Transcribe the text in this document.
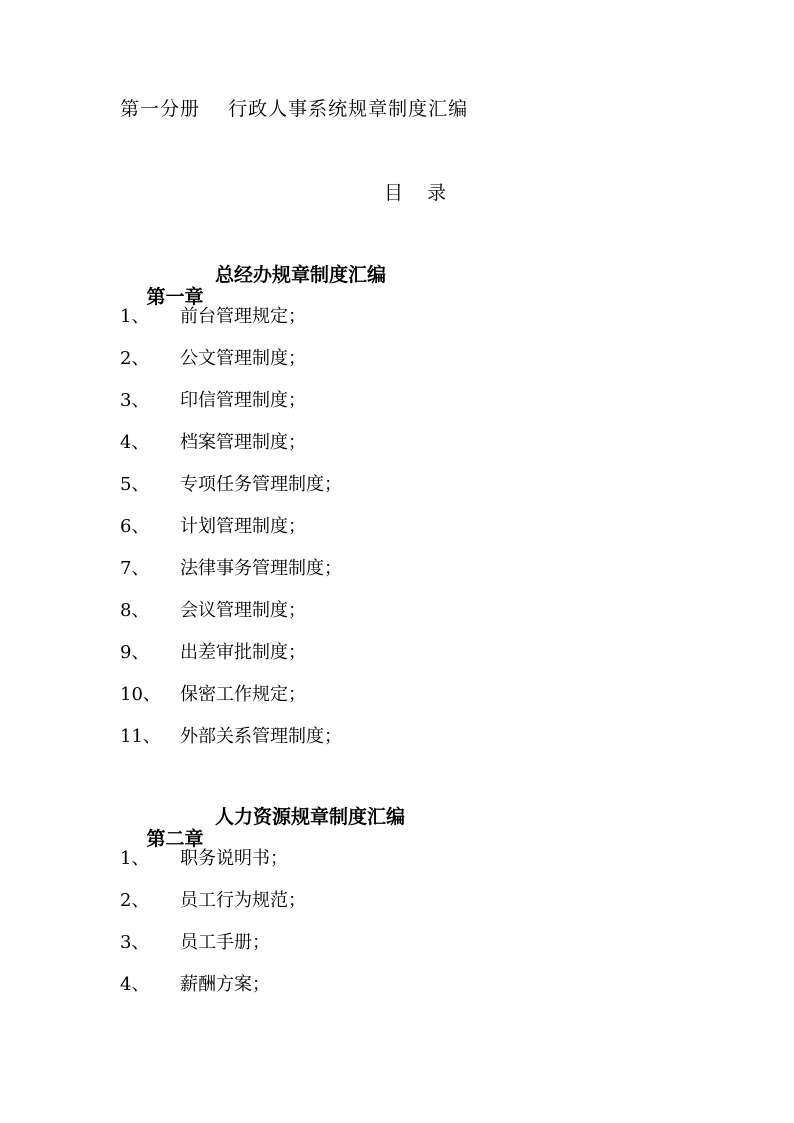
第一分册    行政人事系统规章制度汇编
目    录

第一章
总经办规章制度汇编

1、 前台管理规定；
2、 公文管理制度；
3、 印信管理制度；
4、 档案管理制度；
5、 专项任务管理制度；
6、 计划管理制度；
7、 法律事务管理制度；
8、 会议管理制度；
9、 出差审批制度；
10、 保密工作规定；
11、 外部关系管理制度；

第二章
人力资源规章制度汇编

1、 职务说明书；
2、 员工行为规范；
3、 员工手册；
4、 薪酬方案；
